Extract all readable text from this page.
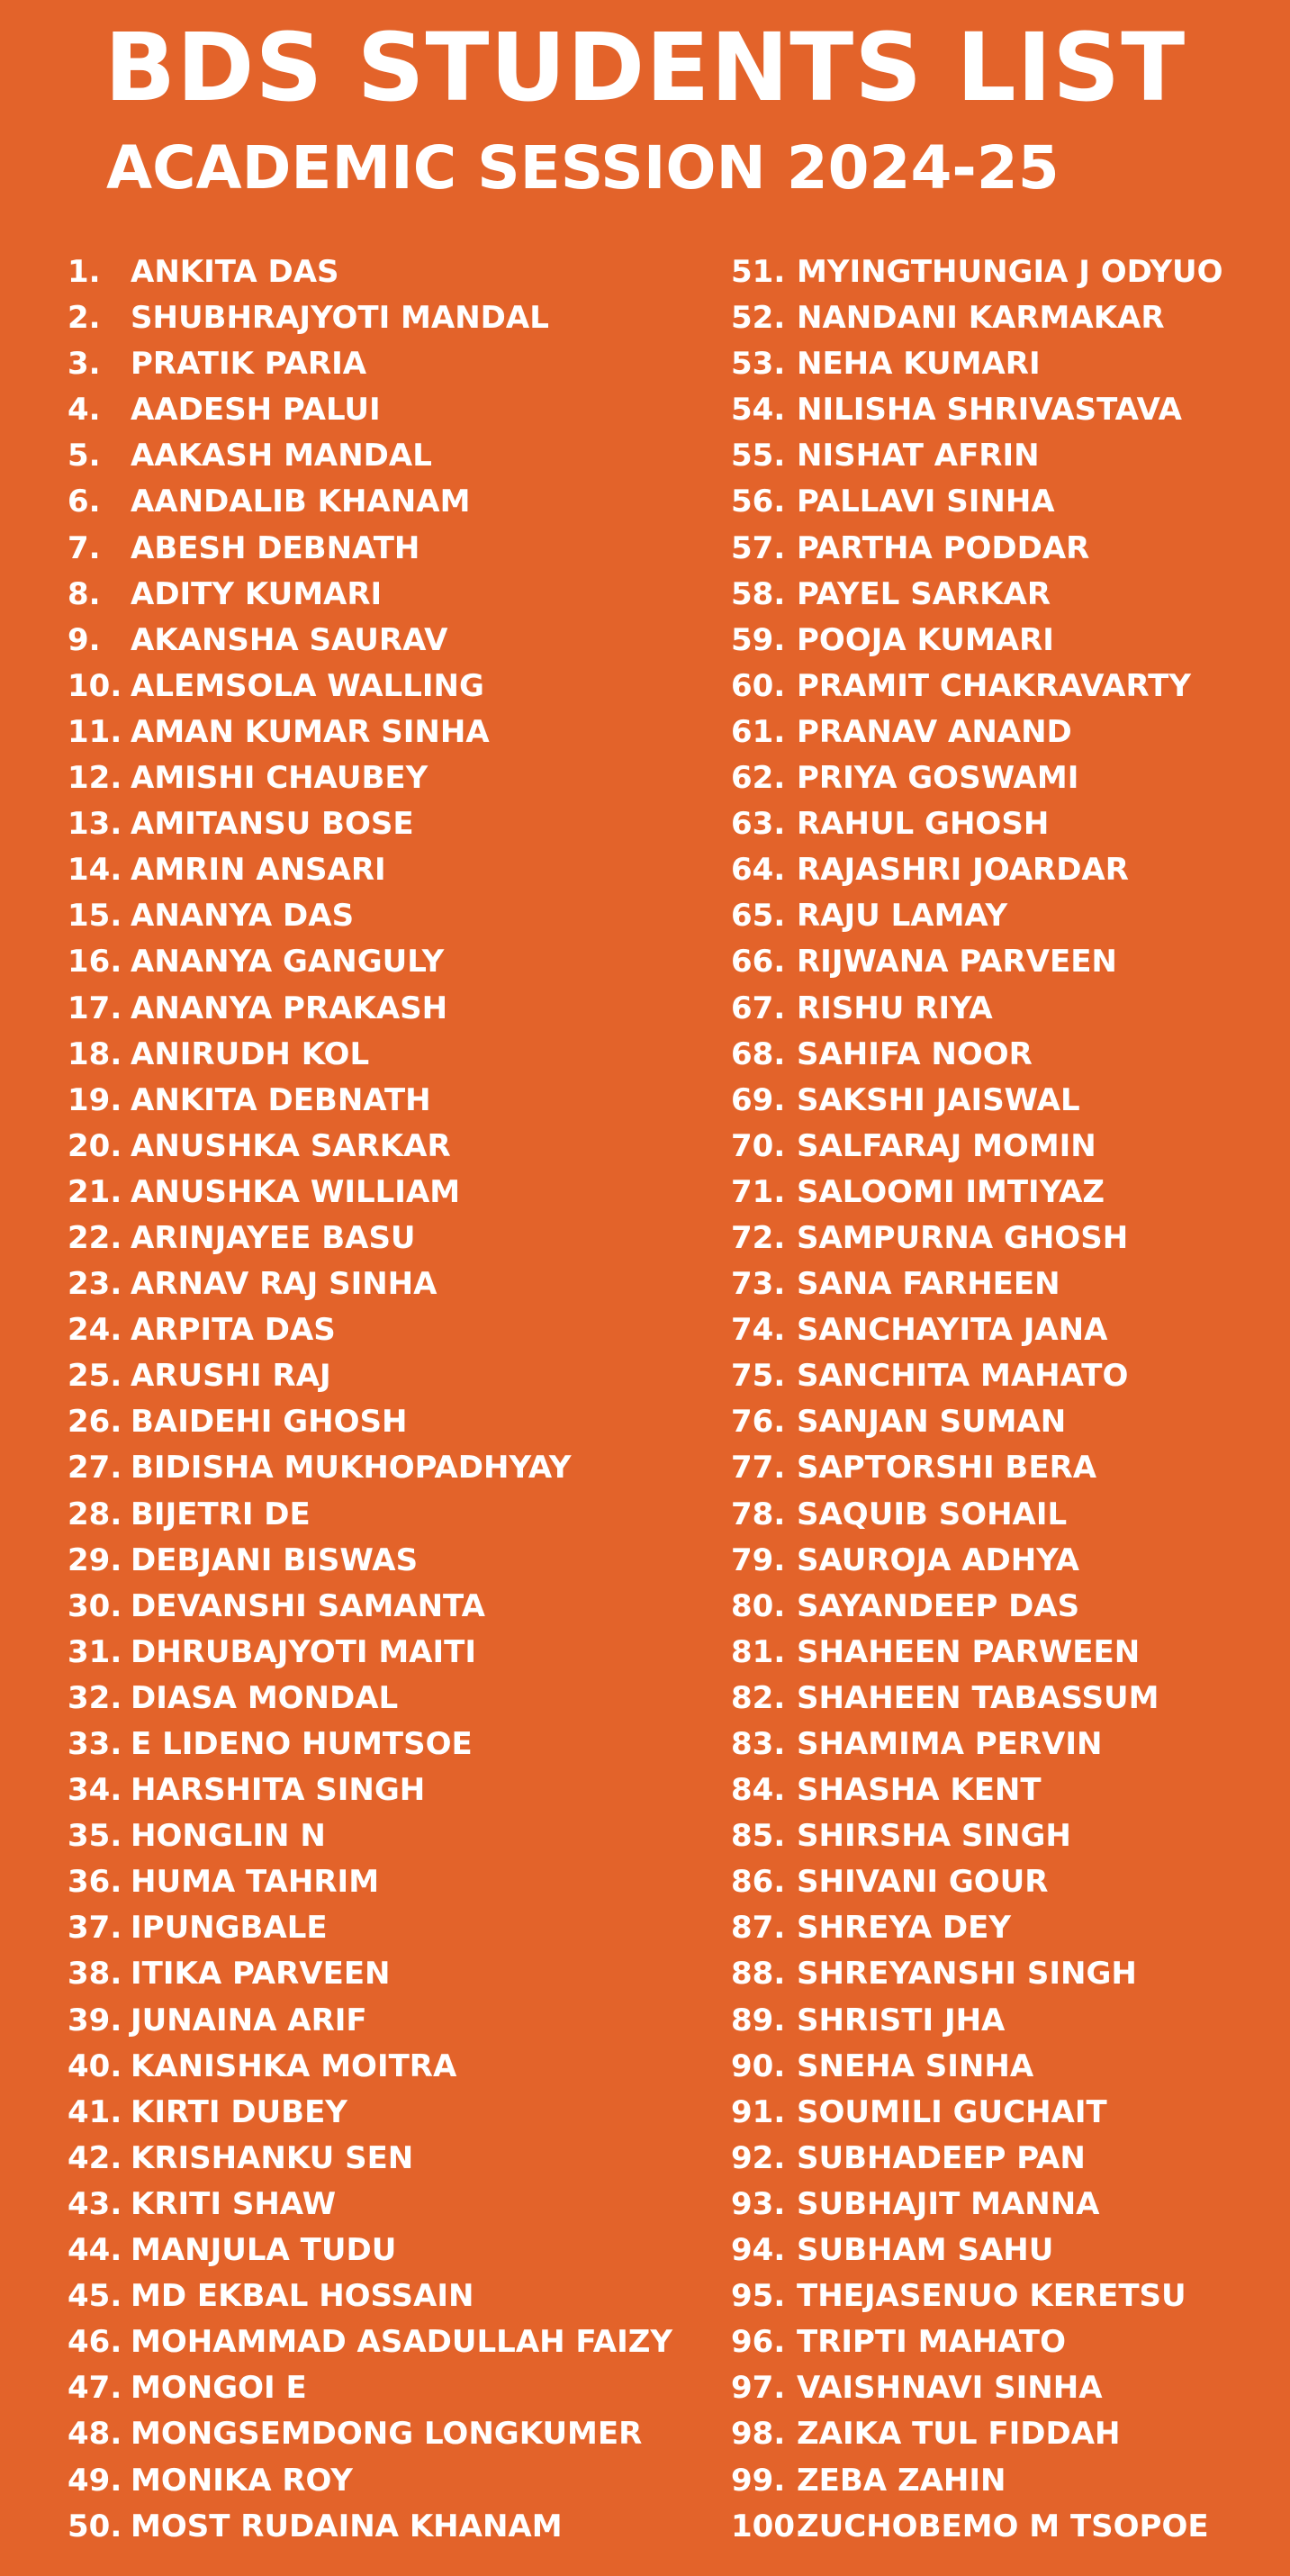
BDS STUDENTS LIST
ACADEMIC SESSION 2024-25
1. ANKITA DAS
2. SHUBHRAJYOTI MANDAL
3. PRATIK PARIA
4. AADESH PALUI
5. AAKASH MANDAL
6. AANDALIB KHANAM
7. ABESH DEBNATH
8. ADITY KUMARI
9. AKANSHA SAURAV
10. ALEMSOLA WALLING
11. AMAN KUMAR SINHA
12. AMISHI CHAUBEY
13. AMITANSU BOSE
14. AMRIN ANSARI
15. ANANYA DAS
16. ANANYA GANGULY
17. ANANYA PRAKASH
18. ANIRUDH KOL
19. ANKITA DEBNATH
20. ANUSHKA SARKAR
21. ANUSHKA WILLIAM
22. ARINJAYEE BASU
23. ARNAV RAJ SINHA
24. ARPITA DAS
25. ARUSHI RAJ
26. BAIDEHI GHOSH
27. BIDISHA MUKHOPADHYAY
28. BIJETRI DE
29. DEBJANI BISWAS
30. DEVANSHI SAMANTA
31. DHRUBAJYOTI MAITI
32. DIASA MONDAL
33. E LIDENO HUMTSOE
34. HARSHITA SINGH
35. HONGLIN N
36. HUMA TAHRIM
37. IPUNGBALE
38. ITIKA PARVEEN
39. JUNAINA ARIF
40. KANISHKA MOITRA
41. KIRTI DUBEY
42. KRISHANKU SEN
43. KRITI SHAW
44. MANJULA TUDU
45. MD EKBAL HOSSAIN
46. MOHAMMAD ASADULLAH FAIZY
47. MONGOI E
48. MONGSEMDONG LONGKUMER
49. MONIKA ROY
50. MOST RUDAINA KHANAM
51. MYINGTHUNGIA J ODYUO
52. NANDANI KARMAKAR
53. NEHA KUMARI
54. NILISHA SHRIVASTAVA
55. NISHAT AFRIN
56. PALLAVI SINHA
57. PARTHA PODDAR
58. PAYEL SARKAR
59. POOJA KUMARI
60. PRAMIT CHAKRAVARTY
61. PRANAV ANAND
62. PRIYA GOSWAMI
63. RAHUL GHOSH
64. RAJASHRI JOARDAR
65. RAJU LAMAY
66. RIJWANA PARVEEN
67. RISHU RIYA
68. SAHIFA NOOR
69. SAKSHI JAISWAL
70. SALFARAJ MOMIN
71. SALOOMI IMTIYAZ
72. SAMPURNA GHOSH
73. SANA FARHEEN
74. SANCHAYITA JANA
75. SANCHITA MAHATO
76. SANJAN SUMAN
77. SAPTORSHI BERA
78. SAQUIB SOHAIL
79. SAUROJA ADHYA
80. SAYANDEEP DAS
81. SHAHEEN PARWEEN
82. SHAHEEN TABASSUM
83. SHAMIMA PERVIN
84. SHASHA KENT
85. SHIRSHA SINGH
86. SHIVANI GOUR
87. SHREYA DEY
88. SHREYANSHI SINGH
89. SHRISTI JHA
90. SNEHA SINHA
91. SOUMILI GUCHAIT
92. SUBHADEEP PAN
93. SUBHAJIT MANNA
94. SUBHAM SAHU
95. THEJASENUO KERETSU
96. TRIPTI MAHATO
97. VAISHNAVI SINHA
98. ZAIKA TUL FIDDAH
99. ZEBA ZAHIN
100.
ZUCHOBEMO M TSOPOE
